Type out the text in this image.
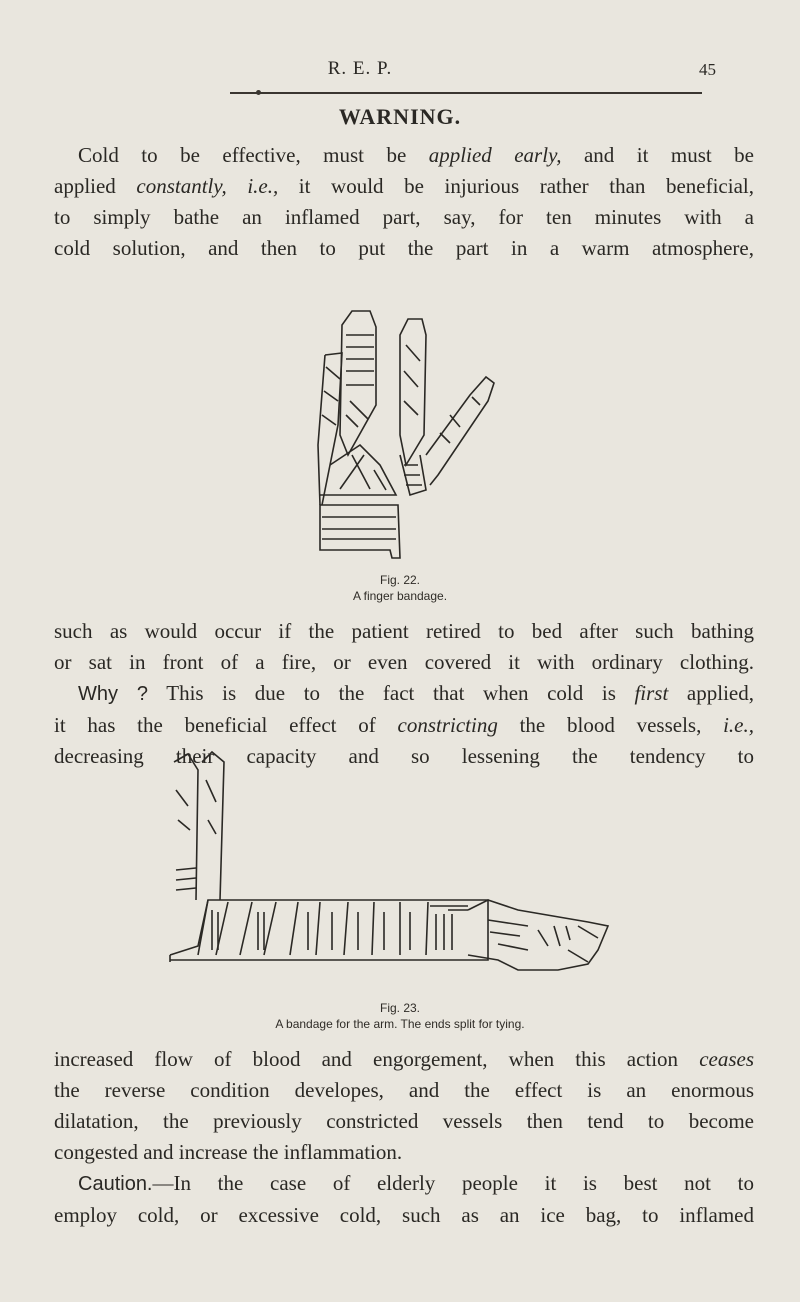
R. E. P.	45
WARNING.
Cold to be effective, must be applied early, and it must be
applied constantly, i.e., it would be injurious rather than beneficial,
to simply bathe an inflamed part, say, for ten minutes with a
cold solution, and then to put the part in a warm atmosphere,
Fig. 22.
A finger bandage.
such as would occur if the patient retired to bed after such bathing
or sat in front of a fire, or even covered it with ordinary clothing.
Why ? This is due to the fact that when cold is first applied,
it has the beneficial effect of constricting the blood vessels, i.e.,
decreasing their capacity and so lessening the tendency to
Fig. 23.
A bandage for the arm. The ends split for tying.
increased flow of blood and engorgement, when this action ceases
the reverse condition developes, and the effect is an enormous
dilatation, the previously constricted vessels then tend to become
congested and increase the inflammation.
Caution.—In the case of elderly people it is best not to
employ cold, or excessive cold, such as an ice bag, to inflamed
